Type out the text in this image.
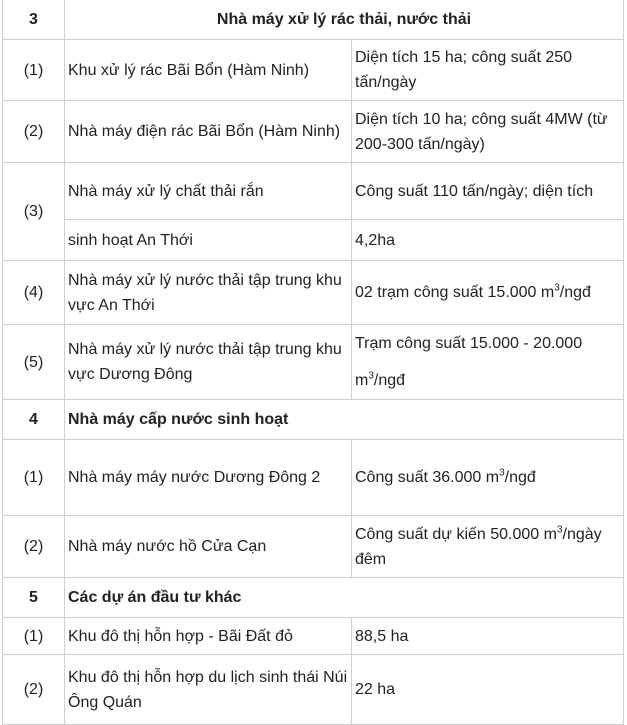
3	Nhà máy xử lý rác thải, nước thải	
(1)	Khu xử lý rác Bãi Bổn (Hàm Ninh)	Diện tích 15 ha; công suất 250 tấn/ngày
(2)	Nhà máy điện rác Bãi Bổn (Hàm Ninh)	Diện tích 10 ha; công suất 4MW (từ 200-300 tấn/ngày)
(3)	Nhà máy xử lý chất thải rắn	Công suất 110 tấn/ngày; diện tích
	sinh hoạt An Thới	4,2ha
(4)	Nhà máy xử lý nước thải tập trung khu vực An Thới	02 trạm công suất 15.000 $m^3$/ngđ
(5)	Nhà máy xử lý nước thải tập trung khu vực Dương Đông	Trạm công suất 15.000 - 20.000 $m^3$/ngđ
4	Nhà máy cấp nước sinh hoạt	
(1)	Nhà máy máy nước Dương Đông 2	Công suất 36.000 $m^3$/ngđ
(2)	Nhà máy nước hồ Cửa Cạn	Công suất dự kiến 50.000 $m^3$/ngày đêm
5	Các dự án đầu tư khác	
(1)	Khu đô thị hỗn hợp - Bãi Đất đỏ	88,5 ha
(2)	Khu đô thị hỗn hợp du lịch sinh thái Núi Ông Quán	22 ha
